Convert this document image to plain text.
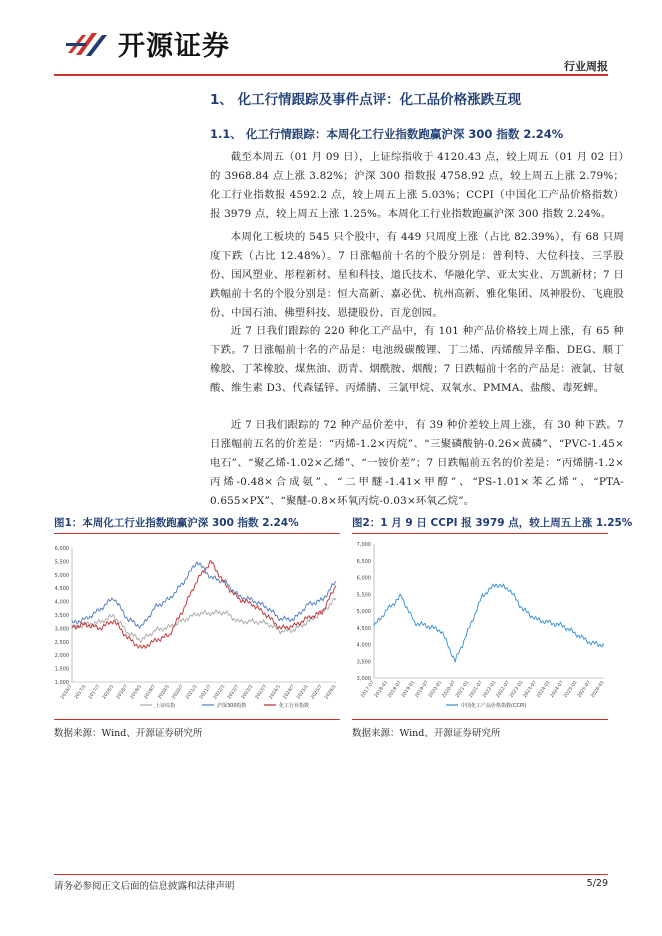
开源证券
行业周报
1、 化工行情跟踪及事件点评：化工品价格涨跌互现
1.1、 化工行情跟踪：本周化工行业指数跑赢沪深 300 指数 2.24%

截至本周五（01 月 09 日），上证综指收于 4120.43 点，较上周五（01 月 02 日）的 3968.84 点上涨 3.82%；沪深 300 指数报 4758.92 点，较上周五上涨 2.79%；化工行业指数报 4592.2 点，较上周五上涨 5.03%；CCPI（中国化工产品价格指数）报 3979 点，较上周五上涨 1.25%。本周化工行业指数跑赢沪深 300 指数 2.24%。

本周化工板块的 545 只个股中，有 449 只周度上涨（占比 82.39%），有 68 只周度下跌（占比 12.48%）。7 日涨幅前十名的个股分别是：普利特、大位科技、三孚股份、国风塑业、彤程新材、星和科技、道氏技术、华融化学、亚太实业、万凯新材；7 日跌幅前十名的个股分别是：恒大高新、嘉必优、杭州高新、雅化集团、凤神股份、飞鹿股份、中国石油、佛塑科技、恩捷股份、百龙创园。

近 7 日我们跟踪的 220 种化工产品中，有 101 种产品价格较上周上涨，有 65 种下跌。7 日涨幅前十名的产品是：电池级碳酸锂、丁二烯、丙烯酸异辛酯、DEG、顺丁橡胶、丁苯橡胶、煤焦油、沥青、烟酰胺、烟酸；7 日跌幅前十名的产品是：液氯、甘氨酸、维生素 D3、代森锰锌、丙烯腈、三氯甲烷、双氧水、PMMA、盐酸、毒死蜱。

近 7 日我们跟踪的 72 种产品价差中，有 39 种价差较上周上涨，有 30 种下跌。7 日涨幅前五名的价差是：“丙烯-1.2×丙烷”、“三聚磷酸钠-0.26×黄磷”、“PVC-1.45×电石”、“聚乙烯-1.02×乙烯”、“一铵价差”；7 日跌幅前五名的价差是：“丙烯腈-1.2×丙烯-0.48×合成氨”、“二甲醚-1.41×甲醇”、“PS-1.01×苯乙烯”、“PTA-0.655×PX”、“聚醚-0.8×环氧丙烷-0.03×环氧乙烷”。

图1：本周化工行业指数跑赢沪深 300 指数 2.24%	图2：1 月 9 日 CCPI 报 3979 点，较上周五上涨 1.25%
1,000
1,500
2,000
2,500
3,000
3,500
4,000
4,500
5,000
5,500
6,000
2016/7 2017/1 2017/7 2018/1 2018/7 2019/1 2019/7 2020/1 2020/7 2021/1 2021/7 2022/1 2022/7 2023/1 2023/7 2024/1 2024/7 2025/1 2025/7 2026/1
上证综指	沪深300指数	化工行业指数
3,000
3,500
4,000
4,500
5,000
5,500
6,000
6,500
7,000
2017-07
2018-01
2018-07
2019-01
2019-07
2020-01
2020-07
2021-01
2021-07
2022-01
2022-07
2023-01
2023-07
2024-01
2024-07
2025-01
2025-07
2026-01
中国化工产品价格指数(CCPI)
数据来源：Wind、开源证券研究所	数据来源：Wind、开源证券研究所
请务必参阅正文后面的信息披露和法律声明	5/29
